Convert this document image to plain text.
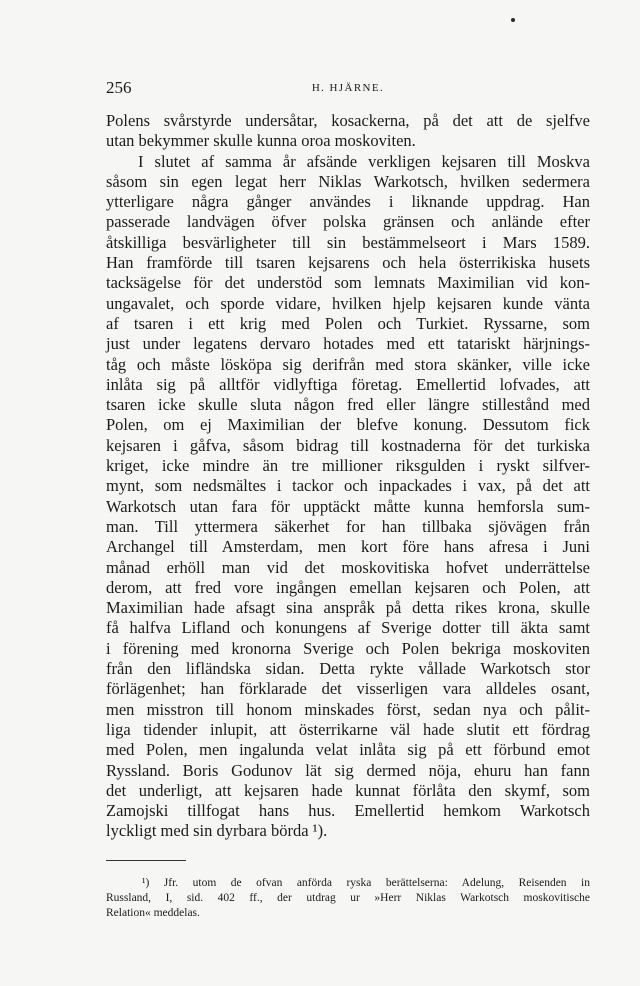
256	H. HJÄRNE.
Polens svårstyrde undersåtar, kosackerna, på det att de sjelfve
utan bekymmer skulle kunna oroa moskoviten.
I slutet af samma år afsände verkligen kejsaren till Moskva
såsom sin egen legat herr Niklas Warkotsch, hvilken sedermera
ytterligare några gånger användes i liknande uppdrag. Han
passerade landvägen öfver polska gränsen och anlände efter
åtskilliga besvärligheter till sin bestämmelseort i Mars 1589.
Han framförde till tsaren kejsarens och hela österrikiska husets
tacksägelse för det understöd som lemnats Maximilian vid kon-
ungavalet, och sporde vidare, hvilken hjelp kejsaren kunde vänta
af tsaren i ett krig med Polen och Turkiet. Ryssarne, som
just under legatens dervaro hotades med ett tatariskt härjnings-
tåg och måste lösköpa sig derifrån med stora skänker, ville icke
inlåta sig på alltför vidlyftiga företag. Emellertid lofvades, att
tsaren icke skulle sluta någon fred eller längre stillestånd med
Polen, om ej Maximilian der blefve konung. Dessutom fick
kejsaren i gåfva, såsom bidrag till kostnaderna för det turkiska
kriget, icke mindre än tre millioner riksgulden i ryskt silfver-
mynt, som nedsmältes i tackor och inpackades i vax, på det att
Warkotsch utan fara för upptäckt måtte kunna hemforsla sum-
man. Till yttermera säkerhet for han tillbaka sjövägen från
Archangel till Amsterdam, men kort före hans afresa i Juni
månad erhöll man vid det moskovitiska hofvet underrättelse
derom, att fred vore ingången emellan kejsaren och Polen, att
Maximilian hade afsagt sina anspråk på detta rikes krona, skulle
få halfva Lifland och konungens af Sverige dotter till äkta samt
i förening med kronorna Sverige och Polen bekriga moskoviten
från den lifländska sidan. Detta rykte vållade Warkotsch stor
förlägenhet; han förklarade det visserligen vara alldeles osant,
men misstron till honom minskades först, sedan nya och pålit-
liga tidender inlupit, att österrikarne väl hade slutit ett fördrag
med Polen, men ingalunda velat inlåta sig på ett förbund emot
Ryssland. Boris Godunov lät sig dermed nöja, ehuru han fann
det underligt, att kejsaren hade kunnat förlåta den skymf, som
Zamojski tillfogat hans hus. Emellertid hemkom Warkotsch
lyckligt med sin dyrbara börda ¹).
¹) Jfr. utom de ofvan anförda ryska berättelserna: Adelung, Reisenden in
Russland, I, sid. 402 ff., der utdrag ur »Herr Niklas Warkotsch moskovitische
Relation« meddelas.
